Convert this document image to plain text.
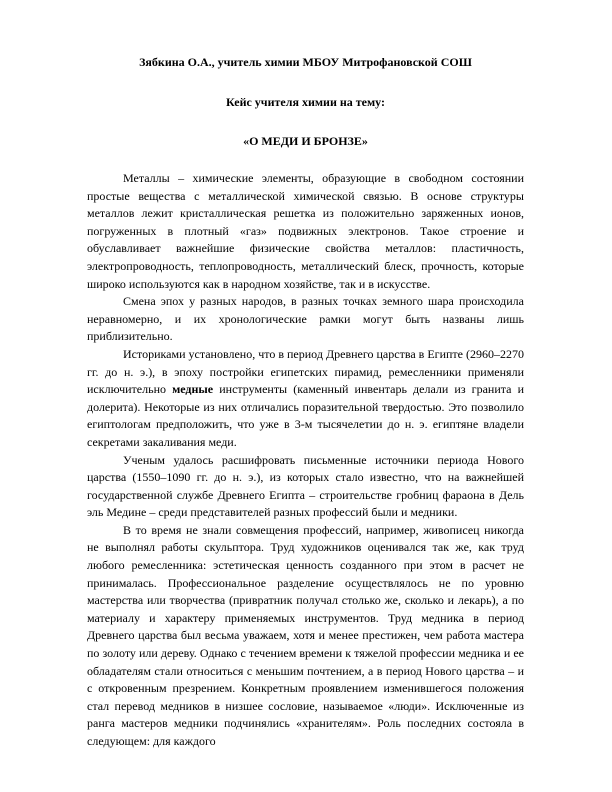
Зябкина О.А., учитель химии МБОУ Митрофановской СОШ

Кейс учителя химии на тему:

«О МЕДИ И БРОНЗЕ»

Металлы – химические элементы, образующие в свободном состоянии простые вещества с металлической химической связью. В основе структуры металлов лежит кристаллическая решетка из положительно заряженных ионов, погруженных в плотный «газ» подвижных электронов. Такое строение и обуславливает важнейшие физические свойства металлов: пластичность, электропроводность, теплопроводность, металлический блеск, прочность, которые широко используются как в народном хозяйстве, так и в искусстве.

Смена эпох у разных народов, в разных точках земного шара происходила неравномерно, и их хронологические рамки могут быть названы лишь приблизительно.

Историками установлено, что в период Древнего царства в Египте (2960–2270 гг. до н. э.), в эпоху постройки египетских пирамид, ремесленники применяли исключительно медные инструменты (каменный инвентарь делали из гранита и долерита). Некоторые из них отличались поразительной твердостью. Это позволило египтологам предположить, что уже в 3-м тысячелетии до н. э. египтяне владели секретами закаливания меди.

Ученым удалось расшифровать письменные источники периода Нового царства (1550–1090 гг. до н. э.), из которых стало известно, что на важнейшей государственной службе Древнего Египта – строительстве гробниц фараона в Дель эль Медине – среди представителей разных профессий были и медники.

В то время не знали совмещения профессий, например, живописец никогда не выполнял работы скульптора. Труд художников оценивался так же, как труд любого ремесленника: эстетическая ценность созданного при этом в расчет не принималась. Профессиональное разделение осуществлялось не по уровню мастерства или творчества (привратник получал столько же, сколько и лекарь), а по материалу и характеру применяемых инструментов. Труд медника в период Древнего царства был весьма уважаем, хотя и менее престижен, чем работа мастера по золоту или дереву. Однако с течением времени к тяжелой профессии медника и ее обладателям стали относиться с меньшим почтением, а в период Нового царства – и с откровенным презрением. Конкретным проявлением изменившегося положения стал перевод медников в низшее сословие, называемое «люди». Исключенные из ранга мастеров медники подчинялись «хранителям». Роль последних состояла в следующем: для каждого
